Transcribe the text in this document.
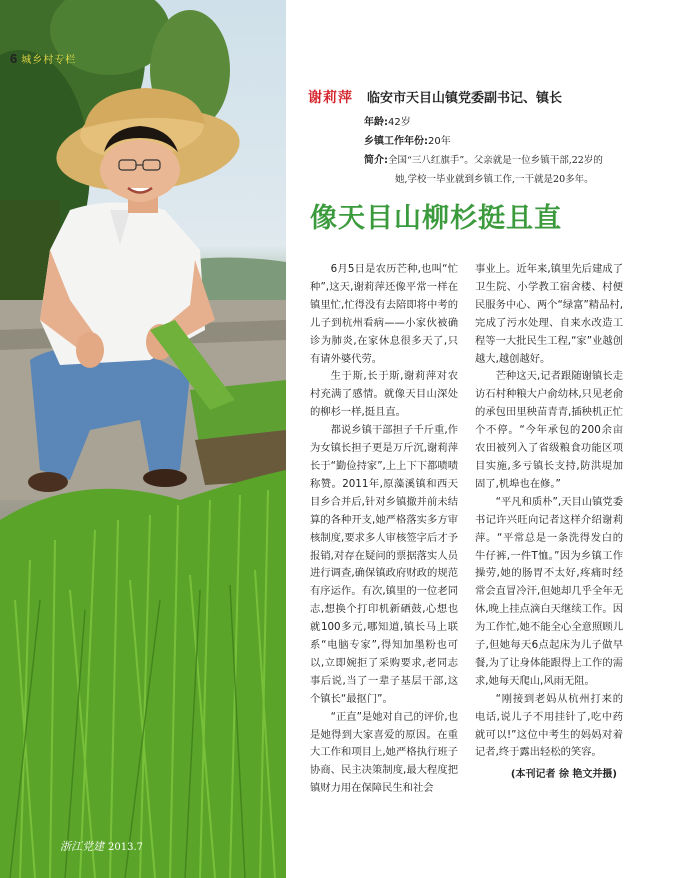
6 城乡村专栏
浙江党建 2013.7
谢莉萍 临安市天目山镇党委副书记、镇长
年龄:42岁
乡镇工作年份:20年
简介:全国“三八红旗手”。父亲就是一位乡镇干部,22岁的
她,学校一毕业就到乡镇工作,一干就是20多年。
像天目山柳杉挺且直

6月5日是农历芒种,也叫“忙种”,这天,谢莉萍还像平常一样在镇里忙,忙得没有去陪即将中考的儿子到杭州看病——小家伙被确诊为肺炎,在家休息很多天了,只有请外婆代劳。

生于斯,长于斯,谢莉萍对农村充满了感情。就像天目山深处的柳杉一样,挺且直。

都说乡镇干部担子千斤重,作为女镇长担子更是万斤沉,谢莉萍长于“勤俭持家”,上上下下都啧啧称赞。2011年,原藻溪镇和西天目乡合并后,针对乡镇撤并前未结算的各种开支,她严格落实多方审核制度,要求多人审核签字后才予报销,对存在疑问的票据落实人员进行调查,确保镇政府财政的规范有序运作。有次,镇里的一位老同志,想换个打印机新硒鼓,心想也就100多元,哪知道,镇长马上联系“电脑专家”,得知加墨粉也可以,立即婉拒了采购要求,老同志事后说,当了一辈子基层干部,这个镇长“最抠门”。

“正直”是她对自己的评价,也是她得到大家喜爱的原因。在重大工作和项目上,她严格执行班子协商、民主决策制度,最大程度把镇财力用在保障民生和社会

事业上。近年来,镇里先后建成了卫生院、小学教工宿舍楼、村便民服务中心、两个“绿富”精品村,完成了污水处理、自来水改造工程等一大批民生工程,“家”业越创越大,越创越好。

芒种这天,记者跟随谢镇长走访石村种粮大户俞幼林,只见老俞的承包田里秧苗青青,插秧机正忙个不停。“今年承包的200余亩农田被列入了省级粮食功能区项目实施,多亏镇长支持,防洪堤加固了,机埠也在修。”

“平凡和质朴”,天目山镇党委书记许兴旺向记者这样介绍谢莉萍。“平常总是一条洗得发白的牛仔裤,一件T恤。”因为乡镇工作操劳,她的肠胃不太好,疼痛时经常会直冒冷汗,但她却几乎全年无休,晚上挂点滴白天继续工作。因为工作忙,她不能全心全意照顾儿子,但她每天6点起床为儿子做早餐,为了让身体能跟得上工作的需求,她每天爬山,风雨无阻。

“刚接到老妈从杭州打来的电话,说儿子不用挂针了,吃中药就可以!”这位中考生的妈妈对着记者,终于露出轻松的笑容。

(本刊记者 徐 艳文并摄)
